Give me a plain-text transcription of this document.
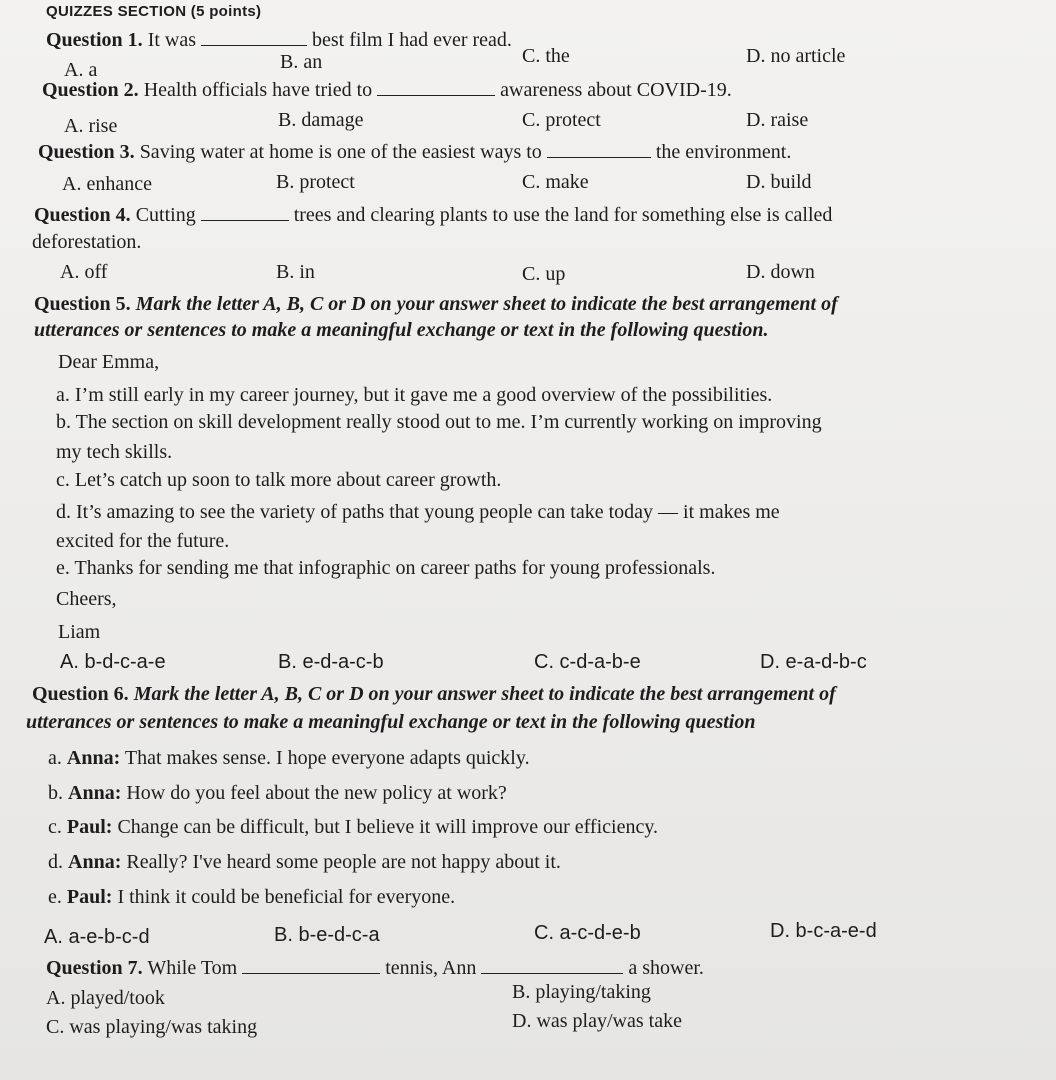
QUIZZES SECTION (5 points)
Question 1. It was	best film I had ever read.
A. a	B. an	C. the	D. no article
Question 2. Health officials have tried to	awareness about COVID-19.
A. rise	B. damage	C. protect	D. raise
Question 3. Saving water at home is one of the easiest ways to	the environment.
A. enhance	B. protect	C. make	D. build
Question 4. Cutting	trees and clearing plants to use the land for something else is called
deforestation.
A. off	B. in	C. up	D. down
Question 5. Mark the letter A, B, C or D on your answer sheet to indicate the best arrangement of
utterances or sentences to make a meaningful exchange or text in the following question.
Dear Emma,
a. I’m still early in my career journey, but it gave me a good overview of the possibilities.
b. The section on skill development really stood out to me. I’m currently working on improving
my tech skills.
c. Let’s catch up soon to talk more about career growth.
d. It’s amazing to see the variety of paths that young people can take today — it makes me
excited for the future.
e. Thanks for sending me that infographic on career paths for young professionals.
Cheers,
Liam
A. b-d-c-a-e	B. e-d-a-c-b	C. c-d-a-b-e	D. e-a-d-b-c
Question 6. Mark the letter A, B, C or D on your answer sheet to indicate the best arrangement of
utterances or sentences to make a meaningful exchange or text in the following question
a. Anna: That makes sense. I hope everyone adapts quickly.
b. Anna: How do you feel about the new policy at work?
c. Paul: Change can be difficult, but I believe it will improve our efficiency.
d. Anna: Really? I've heard some people are not happy about it.
e. Paul: I think it could be beneficial for everyone.
A. a-e-b-c-d	B. b-e-d-c-a	C. a-c-d-e-b	D. b-c-a-e-d
Question 7. While Tom	tennis, Ann	a shower.
A. played/took	B. playing/taking
C. was playing/was taking	D. was play/was take
